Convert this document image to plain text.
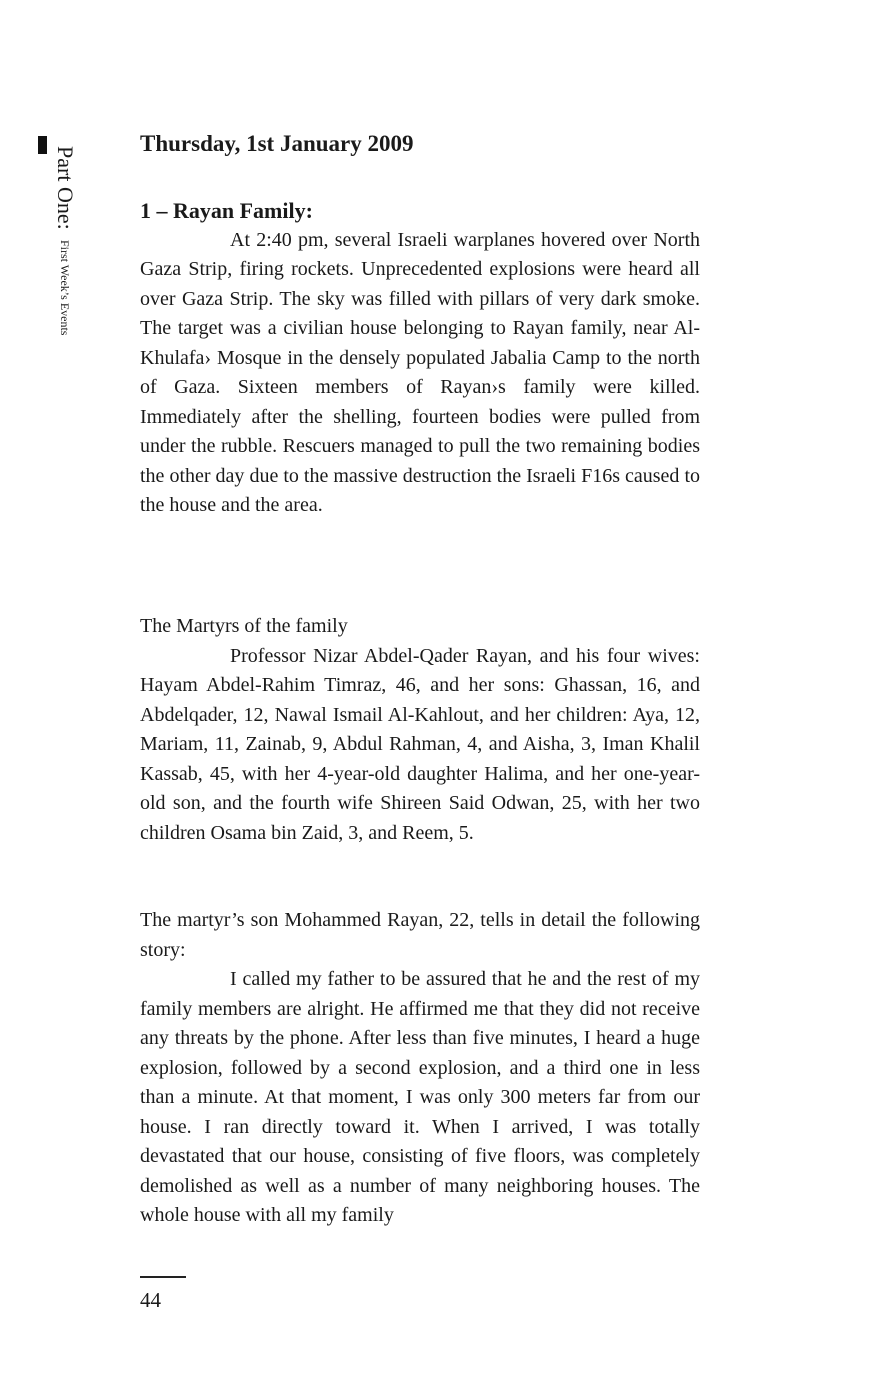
Part One: First Week’s Events
Thursday, 1st January 2009

1 – Rayan Family:

At 2:40 pm, several Israeli warplanes hovered over North Gaza Strip, firing rockets. Unprecedented explosions were heard all over Gaza Strip. The sky was filled with pillars of very dark smoke. The target was a civilian house belonging to Rayan family, near Al-Khulafa› Mosque in the densely populated Jabalia Camp to the north of Gaza. Sixteen members of Rayan›s family were killed. Immediately after the shelling, fourteen bodies were pulled from under the rubble. Rescuers managed to pull the two remaining bodies the other day due to the massive destruction the Israeli F16s caused to the house and the area.

The Martyrs of the family

Professor Nizar Abdel-Qader Rayan, and his four wives: Hayam Abdel-Rahim Timraz, 46, and her sons: Ghassan, 16, and Abdelqader, 12, Nawal Ismail Al-Kahlout, and her children: Aya, 12, Mariam, 11, Zainab, 9, Abdul Rahman, 4, and Aisha, 3, Iman Khalil Kassab, 45, with her 4-year-old daughter Halima, and her one-year-old son, and the fourth wife Shireen Said Odwan, 25, with her two children Osama bin Zaid, 3, and Reem, 5.

The martyr’s son Mohammed Rayan, 22, tells in detail the following story:

I called my father to be assured that he and the rest of my family members are alright. He affirmed me that they did not receive any threats by the phone. After less than five minutes, I heard a huge explosion, followed by a second explosion, and a third one in less than a minute. At that moment, I was only 300 meters far from our house. I ran directly toward it. When I arrived, I was totally devastated that our house, consisting of five floors, was completely demolished as well as a number of many neighboring houses. The whole house with all my family

44
